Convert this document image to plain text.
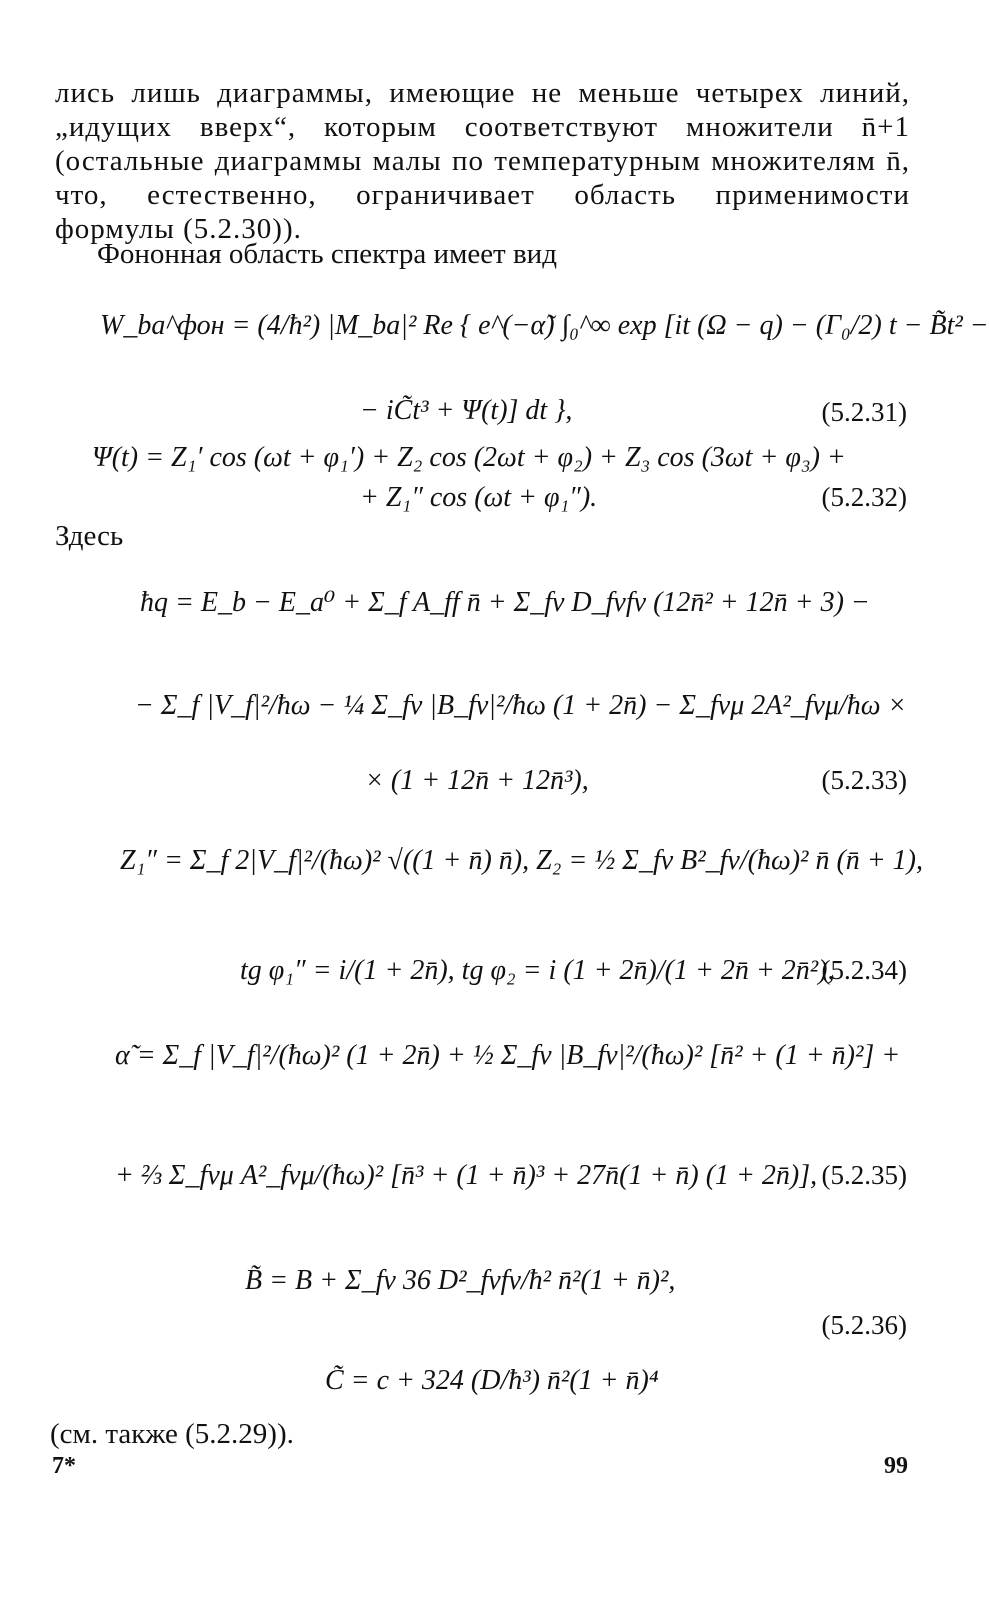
лись лишь диаграммы, имеющие не меньше четырех линий, „идущих вверх“, которым соответствуют множители n̄+1 (остальные диаграммы малы по температурным множителям n̄, что, естественно, ограничивает область применимости формулы (5.2.30)).
Фононная область спектра имеет вид
W_ba^фон = (4/ħ²) |M_ba|² Re { e^(−α̃) ∫₀^∞ exp [it (Ω − q) − (Γ₀/2) t − B̃t² −
− iC̃t³ + Ψ(t)] dt },	(5.2.31)
Ψ(t) = Z₁′ cos (ωt + φ₁′) + Z₂ cos (2ωt + φ₂) + Z₃ cos (3ωt + φ₃) +
+ Z₁″ cos (ωt + φ₁″).	(5.2.32)
Здесь
ħq = E_b − E_a⁰ + Σ_f A_ff n̄ + Σ_fν D_fνfν (12n̄² + 12n̄ + 3) −
− Σ_f |V_f|²/ħω − ¼ Σ_fν |B_fν|²/ħω (1 + 2n̄) − Σ_fνμ 2A²_fνμ/ħω ×
× (1 + 12n̄ + 12n̄³),	(5.2.33)
Z₁″ = Σ_f 2|V_f|²/(ħω)² √((1 + n̄) n̄), Z₂ = ½ Σ_fν B²_fν/(ħω)² n̄ (n̄ + 1),
tg φ₁″ = i/(1 + 2n̄), tg φ₂ = i (1 + 2n̄)/(1 + 2n̄ + 2n̄²),
(5.2.34)
α̃ = Σ_f |V_f|²/(ħω)² (1 + 2n̄) + ½ Σ_fν |B_fν|²/(ħω)² [n̄² + (1 + n̄)²] +
+ ⅔ Σ_fνμ A²_fνμ/(ħω)² [n̄³ + (1 + n̄)³ + 27n̄(1 + n̄) (1 + 2n̄)], (5.2.35)
B̃ = B + Σ_fν 36 D²_fνfν/ħ² n̄²(1 + n̄)²,
(5.2.36)
C̃ = c + 324 (D/ħ³) n̄²(1 + n̄)⁴
(см. также (5.2.29)).
7*	99
